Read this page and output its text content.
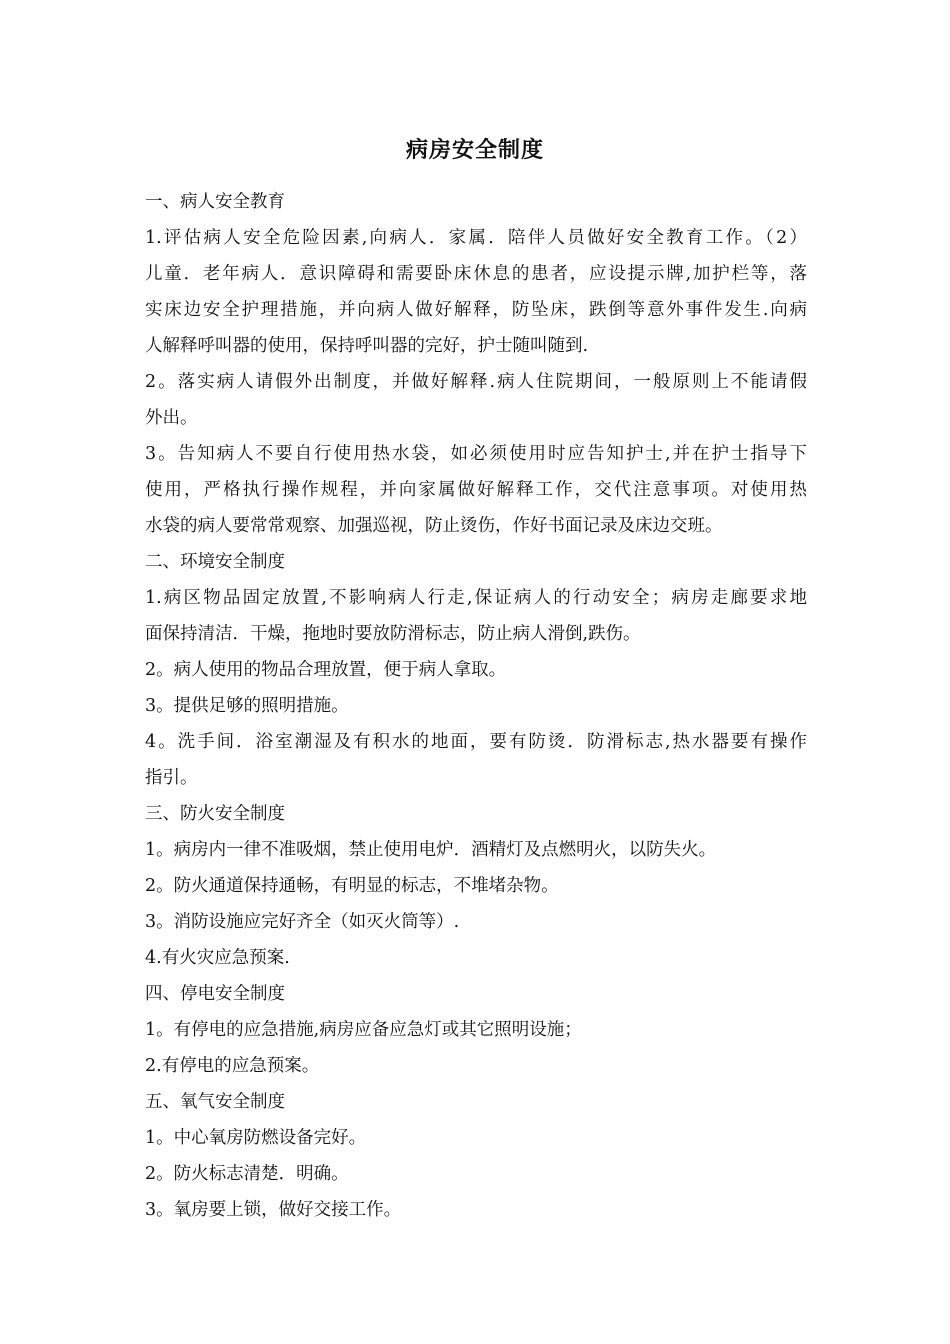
病房安全制度
一、病人安全教育
1.评估病人安全危险因素,向病人．家属．陪伴人员做好安全教育工作。（2）
儿童．老年病人．意识障碍和需要卧床休息的患者，应设提示牌,加护栏等，落
实床边安全护理措施，并向病人做好解释，防坠床，跌倒等意外事件发生.向病
人解释呼叫器的使用，保持呼叫器的完好，护士随叫随到.
2。落实病人请假外出制度，并做好解释.病人住院期间，一般原则上不能请假
外出。
3。告知病人不要自行使用热水袋，如必须使用时应告知护士,并在护士指导下
使用，严格执行操作规程，并向家属做好解释工作，交代注意事项。对使用热
水袋的病人要常常观察、加强巡视，防止烫伤，作好书面记录及床边交班。
二、环境安全制度
1.病区物品固定放置,不影响病人行走,保证病人的行动安全；病房走廊要求地
面保持清洁．干燥，拖地时要放防滑标志，防止病人滑倒,跌伤。
2。病人使用的物品合理放置，便于病人拿取。
3。提供足够的照明措施。
4。洗手间．浴室潮湿及有积水的地面，要有防烫．防滑标志,热水器要有操作
指引。
三、防火安全制度
1。病房内一律不准吸烟，禁止使用电炉．酒精灯及点燃明火，以防失火。
2。防火通道保持通畅，有明显的标志，不堆堵杂物。
3。消防设施应完好齐全（如灭火筒等）.
4.有火灾应急预案.
四、停电安全制度
1。有停电的应急措施,病房应备应急灯或其它照明设施；
2.有停电的应急预案。
五、氧气安全制度
1。中心氧房防燃设备完好。
2。防火标志清楚．明确。
3。氧房要上锁，做好交接工作。
